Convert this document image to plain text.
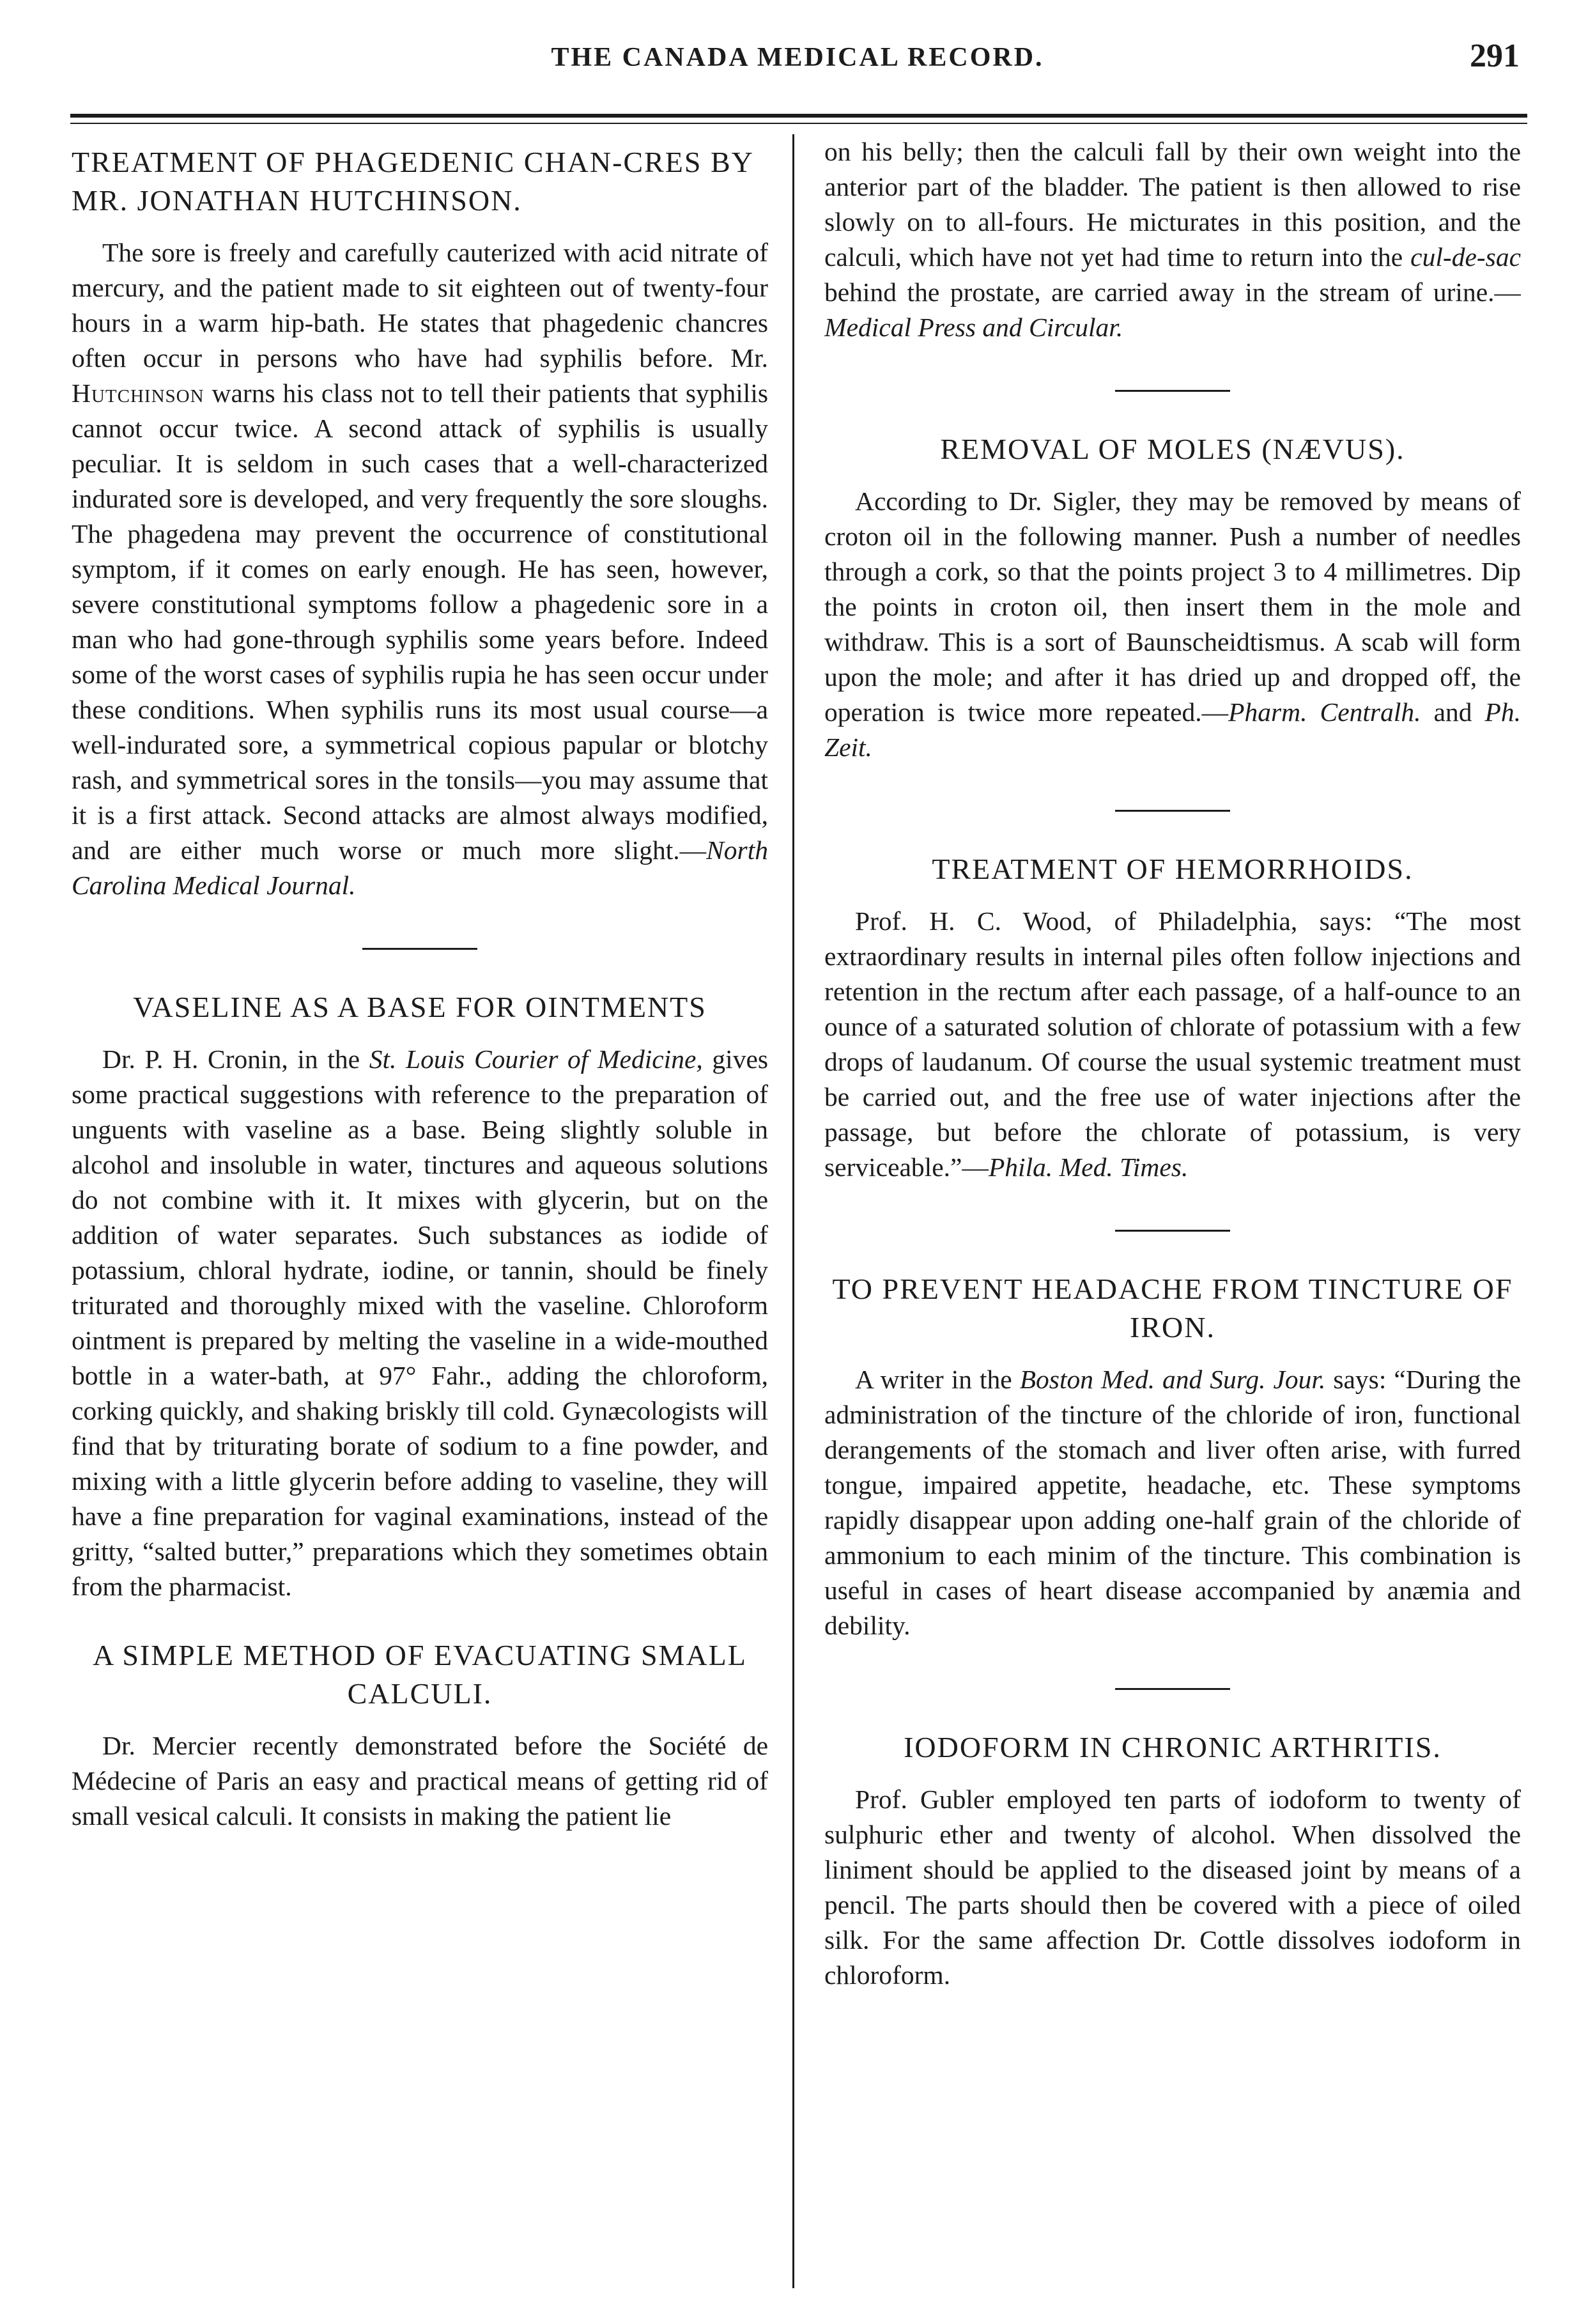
THE CANADA MEDICAL RECORD.	291
TREATMENT OF PHAGEDENIC CHAN-CRES BY MR. JONATHAN HUTCHINSON.

The sore is freely and carefully cauterized with acid nitrate of mercury, and the patient made to sit eighteen out of twenty-four hours in a warm hip-bath. He states that phagedenic chancres often occur in persons who have had syphilis before. Mr. Hutchinson warns his class not to tell their patients that syphilis cannot occur twice. A second attack of syphilis is usually peculiar. It is seldom in such cases that a well-characterized indurated sore is developed, and very frequently the sore sloughs. The phagedena may prevent the occurrence of constitutional symptom, if it comes on early enough. He has seen, however, severe constitutional symptoms follow a phagedenic sore in a man who had gone-through syphilis some years before. Indeed some of the worst cases of syphilis rupia he has seen occur under these conditions. When syphilis runs its most usual course—a well-indurated sore, a symmetrical copious papular or blotchy rash, and symmetrical sores in the tonsils—you may assume that it is a first attack. Second attacks are almost always modified, and are either much worse or much more slight.—North Carolina Medical Journal.

VASELINE AS A BASE FOR OINTMENTS

Dr. P. H. Cronin, in the St. Louis Courier of Medicine, gives some practical suggestions with reference to the preparation of unguents with vaseline as a base. Being slightly soluble in alcohol and insoluble in water, tinctures and aqueous solutions do not combine with it. It mixes with glycerin, but on the addition of water separates. Such substances as iodide of potassium, chloral hydrate, iodine, or tannin, should be finely triturated and thoroughly mixed with the vaseline. Chloroform ointment is prepared by melting the vaseline in a wide-mouthed bottle in a water-bath, at 97° Fahr., adding the chloroform, corking quickly, and shaking briskly till cold. Gynæcologists will find that by triturating borate of sodium to a fine powder, and mixing with a little glycerin before adding to vaseline, they will have a fine preparation for vaginal examinations, instead of the gritty, “salted butter,” preparations which they sometimes obtain from the pharmacist.

A SIMPLE METHOD OF EVACUATING SMALL CALCULI.

Dr. Mercier recently demonstrated before the Société de Médecine of Paris an easy and practical means of getting rid of small vesical calculi. It consists in making the patient lie

on his belly; then the calculi fall by their own weight into the anterior part of the bladder. The patient is then allowed to rise slowly on to all-fours. He micturates in this position, and the calculi, which have not yet had time to return into the cul-de-sac behind the prostate, are carried away in the stream of urine.—Medical Press and Circular.

REMOVAL OF MOLES (NÆVUS).

According to Dr. Sigler, they may be removed by means of croton oil in the following manner. Push a number of needles through a cork, so that the points project 3 to 4 millimetres. Dip the points in croton oil, then insert them in the mole and withdraw. This is a sort of Baunscheidtismus. A scab will form upon the mole; and after it has dried up and dropped off, the operation is twice more repeated.—Pharm. Centralh. and Ph. Zeit.

TREATMENT OF HEMORRHOIDS.

Prof. H. C. Wood, of Philadelphia, says: “The most extraordinary results in internal piles often follow injections and retention in the rectum after each passage, of a half-ounce to an ounce of a saturated solution of chlorate of potassium with a few drops of laudanum. Of course the usual systemic treatment must be carried out, and the free use of water injections after the passage, but before the chlorate of potassium, is very serviceable.”—Phila. Med. Times.

TO PREVENT HEADACHE FROM TINCTURE OF IRON.

A writer in the Boston Med. and Surg. Jour. says: “During the administration of the tincture of the chloride of iron, functional derangements of the stomach and liver often arise, with furred tongue, impaired appetite, headache, etc. These symptoms rapidly disappear upon adding one-half grain of the chloride of ammonium to each minim of the tincture. This combination is useful in cases of heart disease accompanied by anæmia and debility.

IODOFORM IN CHRONIC ARTHRITIS.

Prof. Gubler employed ten parts of iodoform to twenty of sulphuric ether and twenty of alcohol. When dissolved the liniment should be applied to the diseased joint by means of a pencil. The parts should then be covered with a piece of oiled silk. For the same affection Dr. Cottle dissolves iodoform in chloroform.
